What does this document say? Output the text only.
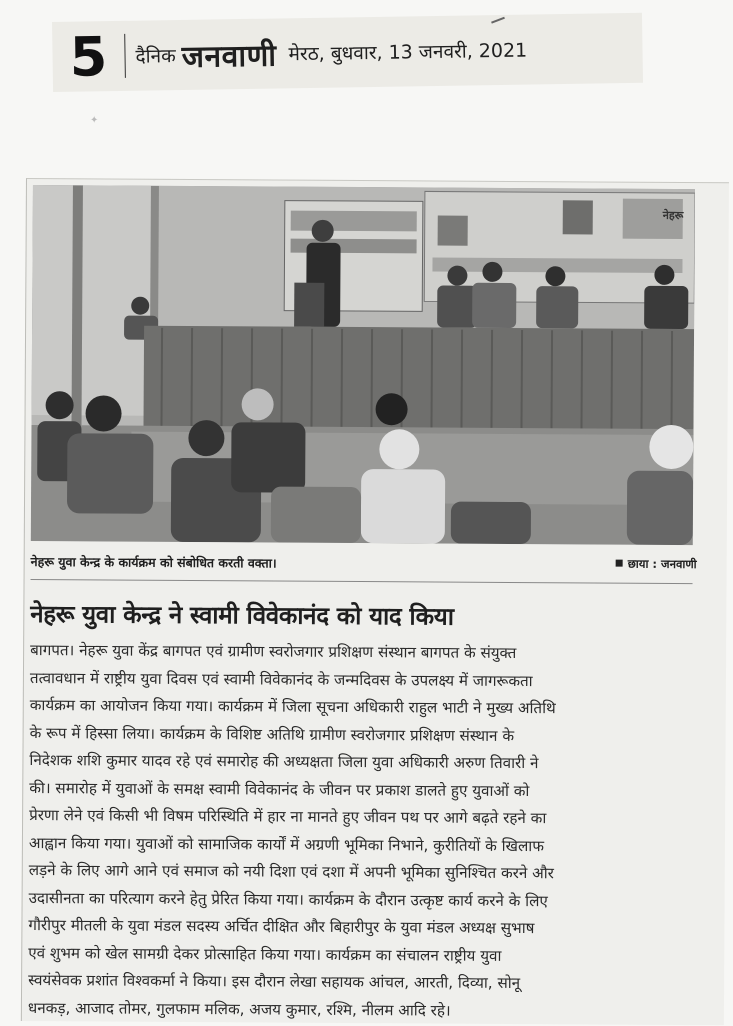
5	दैनिक जनवाणी मेरठ, बुधवार, 13 जनवरी, 2021
✦
नेहरू
नेहरू युवा केन्द्र के कार्यक्रम को संबोधित करती वक्ता।	छाया : जनवाणी
नेहरू युवा केन्द्र ने स्वामी विवेकानंद को याद किया
बागपत। नेहरू युवा केंद्र बागपत एवं ग्रामीण स्वरोजगार प्रशिक्षण संस्थान बागपत के संयुक्त
तत्वावधान में राष्ट्रीय युवा दिवस एवं स्वामी विवेकानंद के जन्मदिवस के उपलक्ष्य में जागरूकता
कार्यक्रम का आयोजन किया गया। कार्यक्रम में जिला सूचना अधिकारी राहुल भाटी ने मुख्य अतिथि
के रूप में हिस्सा लिया। कार्यक्रम के विशिष्ट अतिथि ग्रामीण स्वरोजगार प्रशिक्षण संस्थान के
निदेशक शशि कुमार यादव रहे एवं समारोह की अध्यक्षता जिला युवा अधिकारी अरुण तिवारी ने
की। समारोह में युवाओं के समक्ष स्वामी विवेकानंद के जीवन पर प्रकाश डालते हुए युवाओं को
प्रेरणा लेने एवं किसी भी विषम परिस्थिति में हार ना मानते हुए जीवन पथ पर आगे बढ़ते रहने का
आह्वान किया गया। युवाओं को सामाजिक कार्यों में अग्रणी भूमिका निभाने, कुरीतियों के खिलाफ
लड़ने के लिए आगे आने एवं समाज को नयी दिशा एवं दशा में अपनी भूमिका सुनिश्चित करने और
उदासीनता का परित्याग करने हेतु प्रेरित किया गया। कार्यक्रम के दौरान उत्कृष्ट कार्य करने के लिए
गौरीपुर मीतली के युवा मंडल सदस्य अर्चित दीक्षित और बिहारीपुर के युवा मंडल अध्यक्ष सुभाष
एवं शुभम को खेल सामग्री देकर प्रोत्साहित किया गया। कार्यक्रम का संचालन राष्ट्रीय युवा
स्वयंसेवक प्रशांत विश्वकर्मा ने किया। इस दौरान लेखा सहायक आंचल, आरती, दिव्या, सोनू
धनकड़, आजाद तोमर, गुलफाम मलिक, अजय कुमार, रश्मि, नीलम आदि रहे।
